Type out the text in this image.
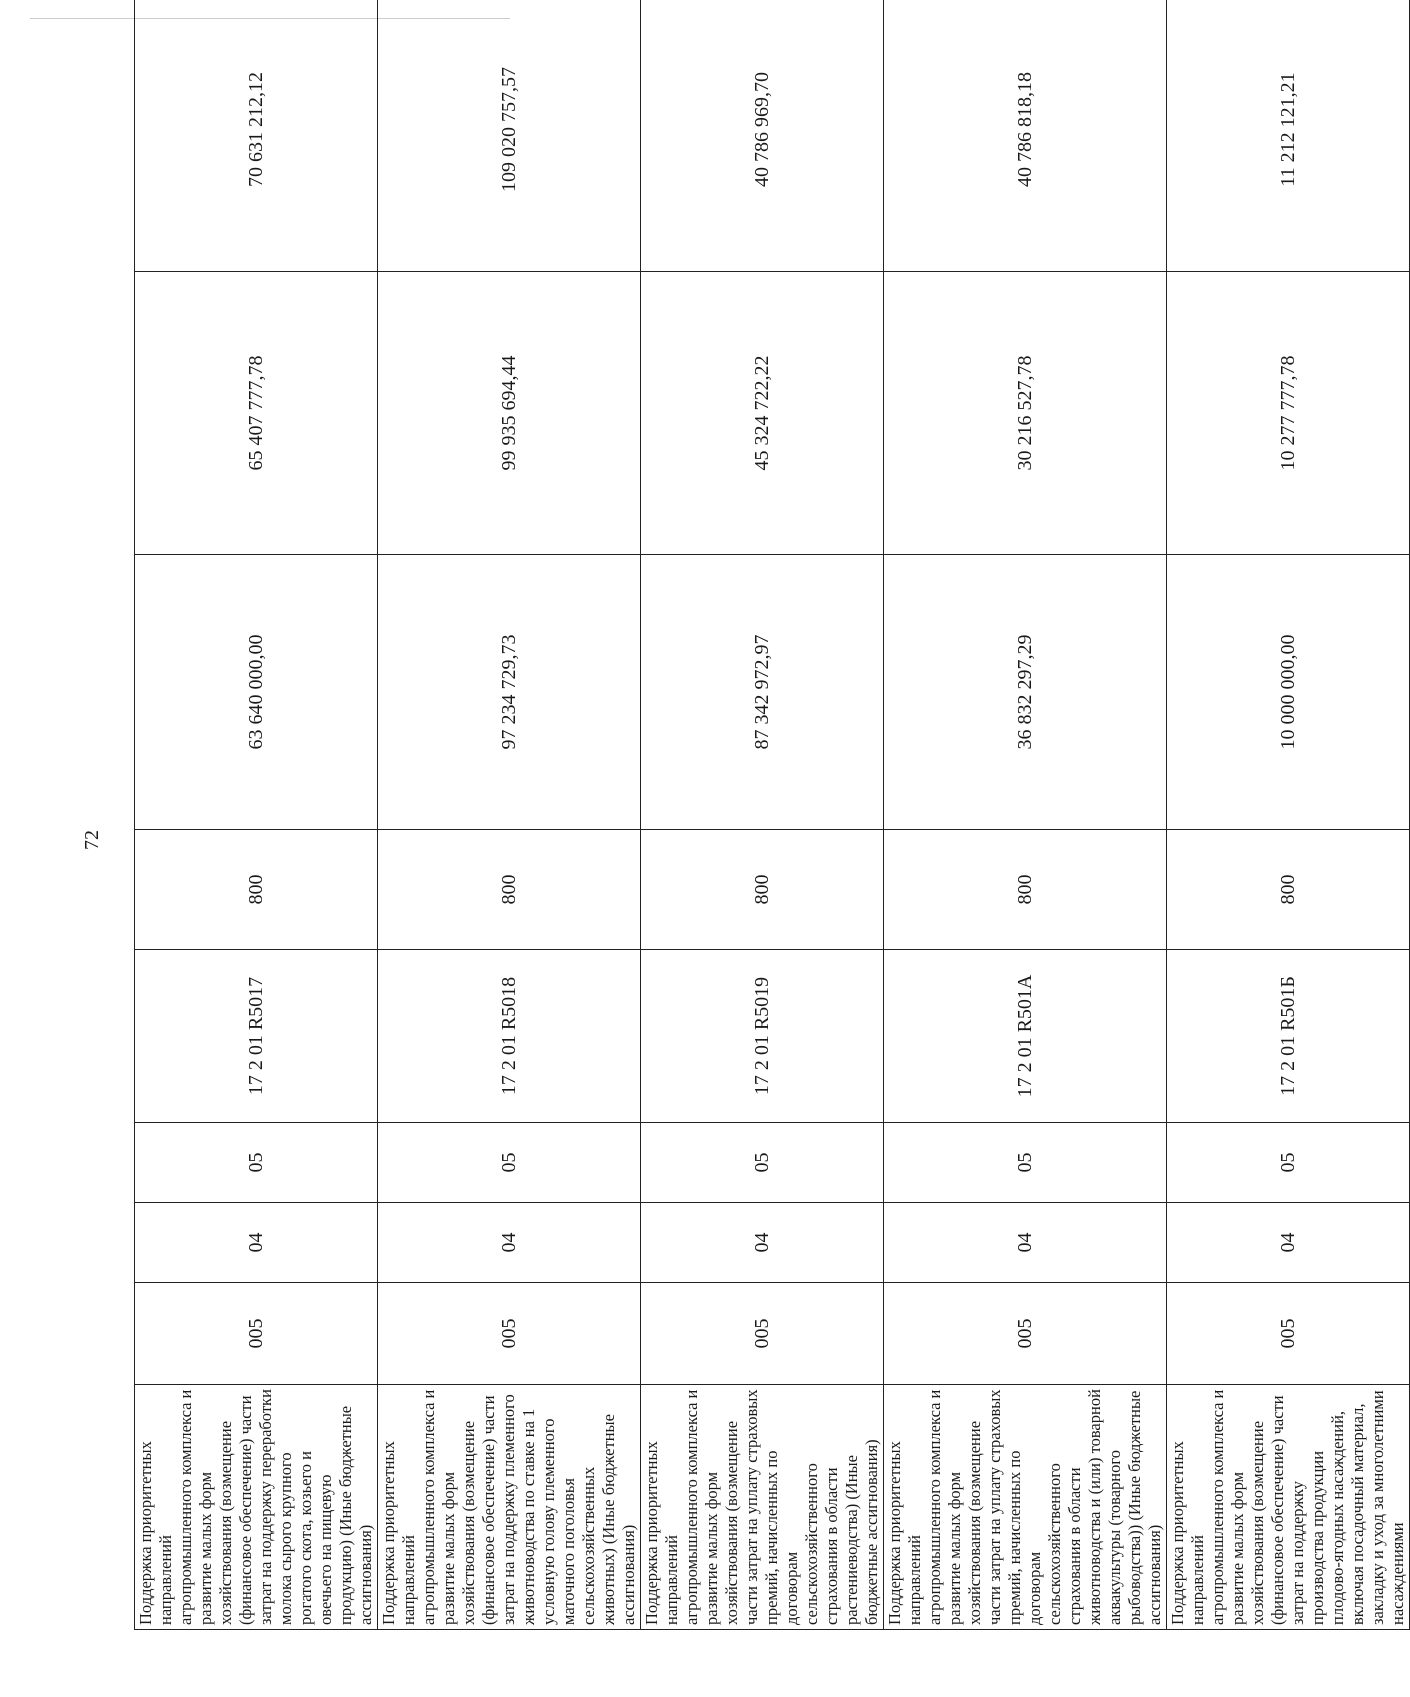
72
Поддержка приоритетных направлений агропромышленного комплекса и развитие малых форм хозяйствования (возмещение (финансовое обеспечение) части затрат на поддержку переработки молока сырого крупного рогатого скота, козьего и овечьего на пищевую продукцию) (Иные бюджетные ассигнования)	005	04	05	17 2 01 R5017	800	63 640 000,00	65 407 777,78	70 631 212,12
Поддержка приоритетных направлений агропромышленного комплекса и развитие малых форм хозяйствования (возмещение (финансовое обеспечение) части затрат на поддержку племенного животноводства по ставке на 1 условную голову племенного маточного поголовья сельскохозяйственных животных) (Иные бюджетные ассигнования)	005	04	05	17 2 01 R5018	800	97 234 729,73	99 935 694,44	109 020 757,57
Поддержка приоритетных направлений агропромышленного комплекса и развитие малых форм хозяйствования (возмещение части затрат на уплату страховых премий, начисленных по договорам сельскохозяйственного страхования в области растениеводства) (Иные бюджетные ассигнования)	005	04	05	17 2 01 R5019	800	87 342 972,97	45 324 722,22	40 786 969,70
Поддержка приоритетных направлений агропромышленного комплекса и развитие малых форм хозяйствования (возмещение части затрат на уплату страховых премий, начисленных по договорам сельскохозяйственного страхования в области животноводства и (или) товарной аквакультуры (товарного рыбоводства)) (Иные бюджетные ассигнования)	005	04	05	17 2 01 R501A	800	36 832 297,29	30 216 527,78	40 786 818,18
Поддержка приоритетных направлений агропромышленного комплекса и развитие малых форм хозяйствования (возмещение (финансовое обеспечение) части затрат на поддержку производства продукции плодово-ягодных насаждений, включая посадочный материал, закладку и уход за многолетними насаждениями	005	04	05	17 2 01 R501Б	800	10 000 000,00	10 277 777,78	11 212 121,21
